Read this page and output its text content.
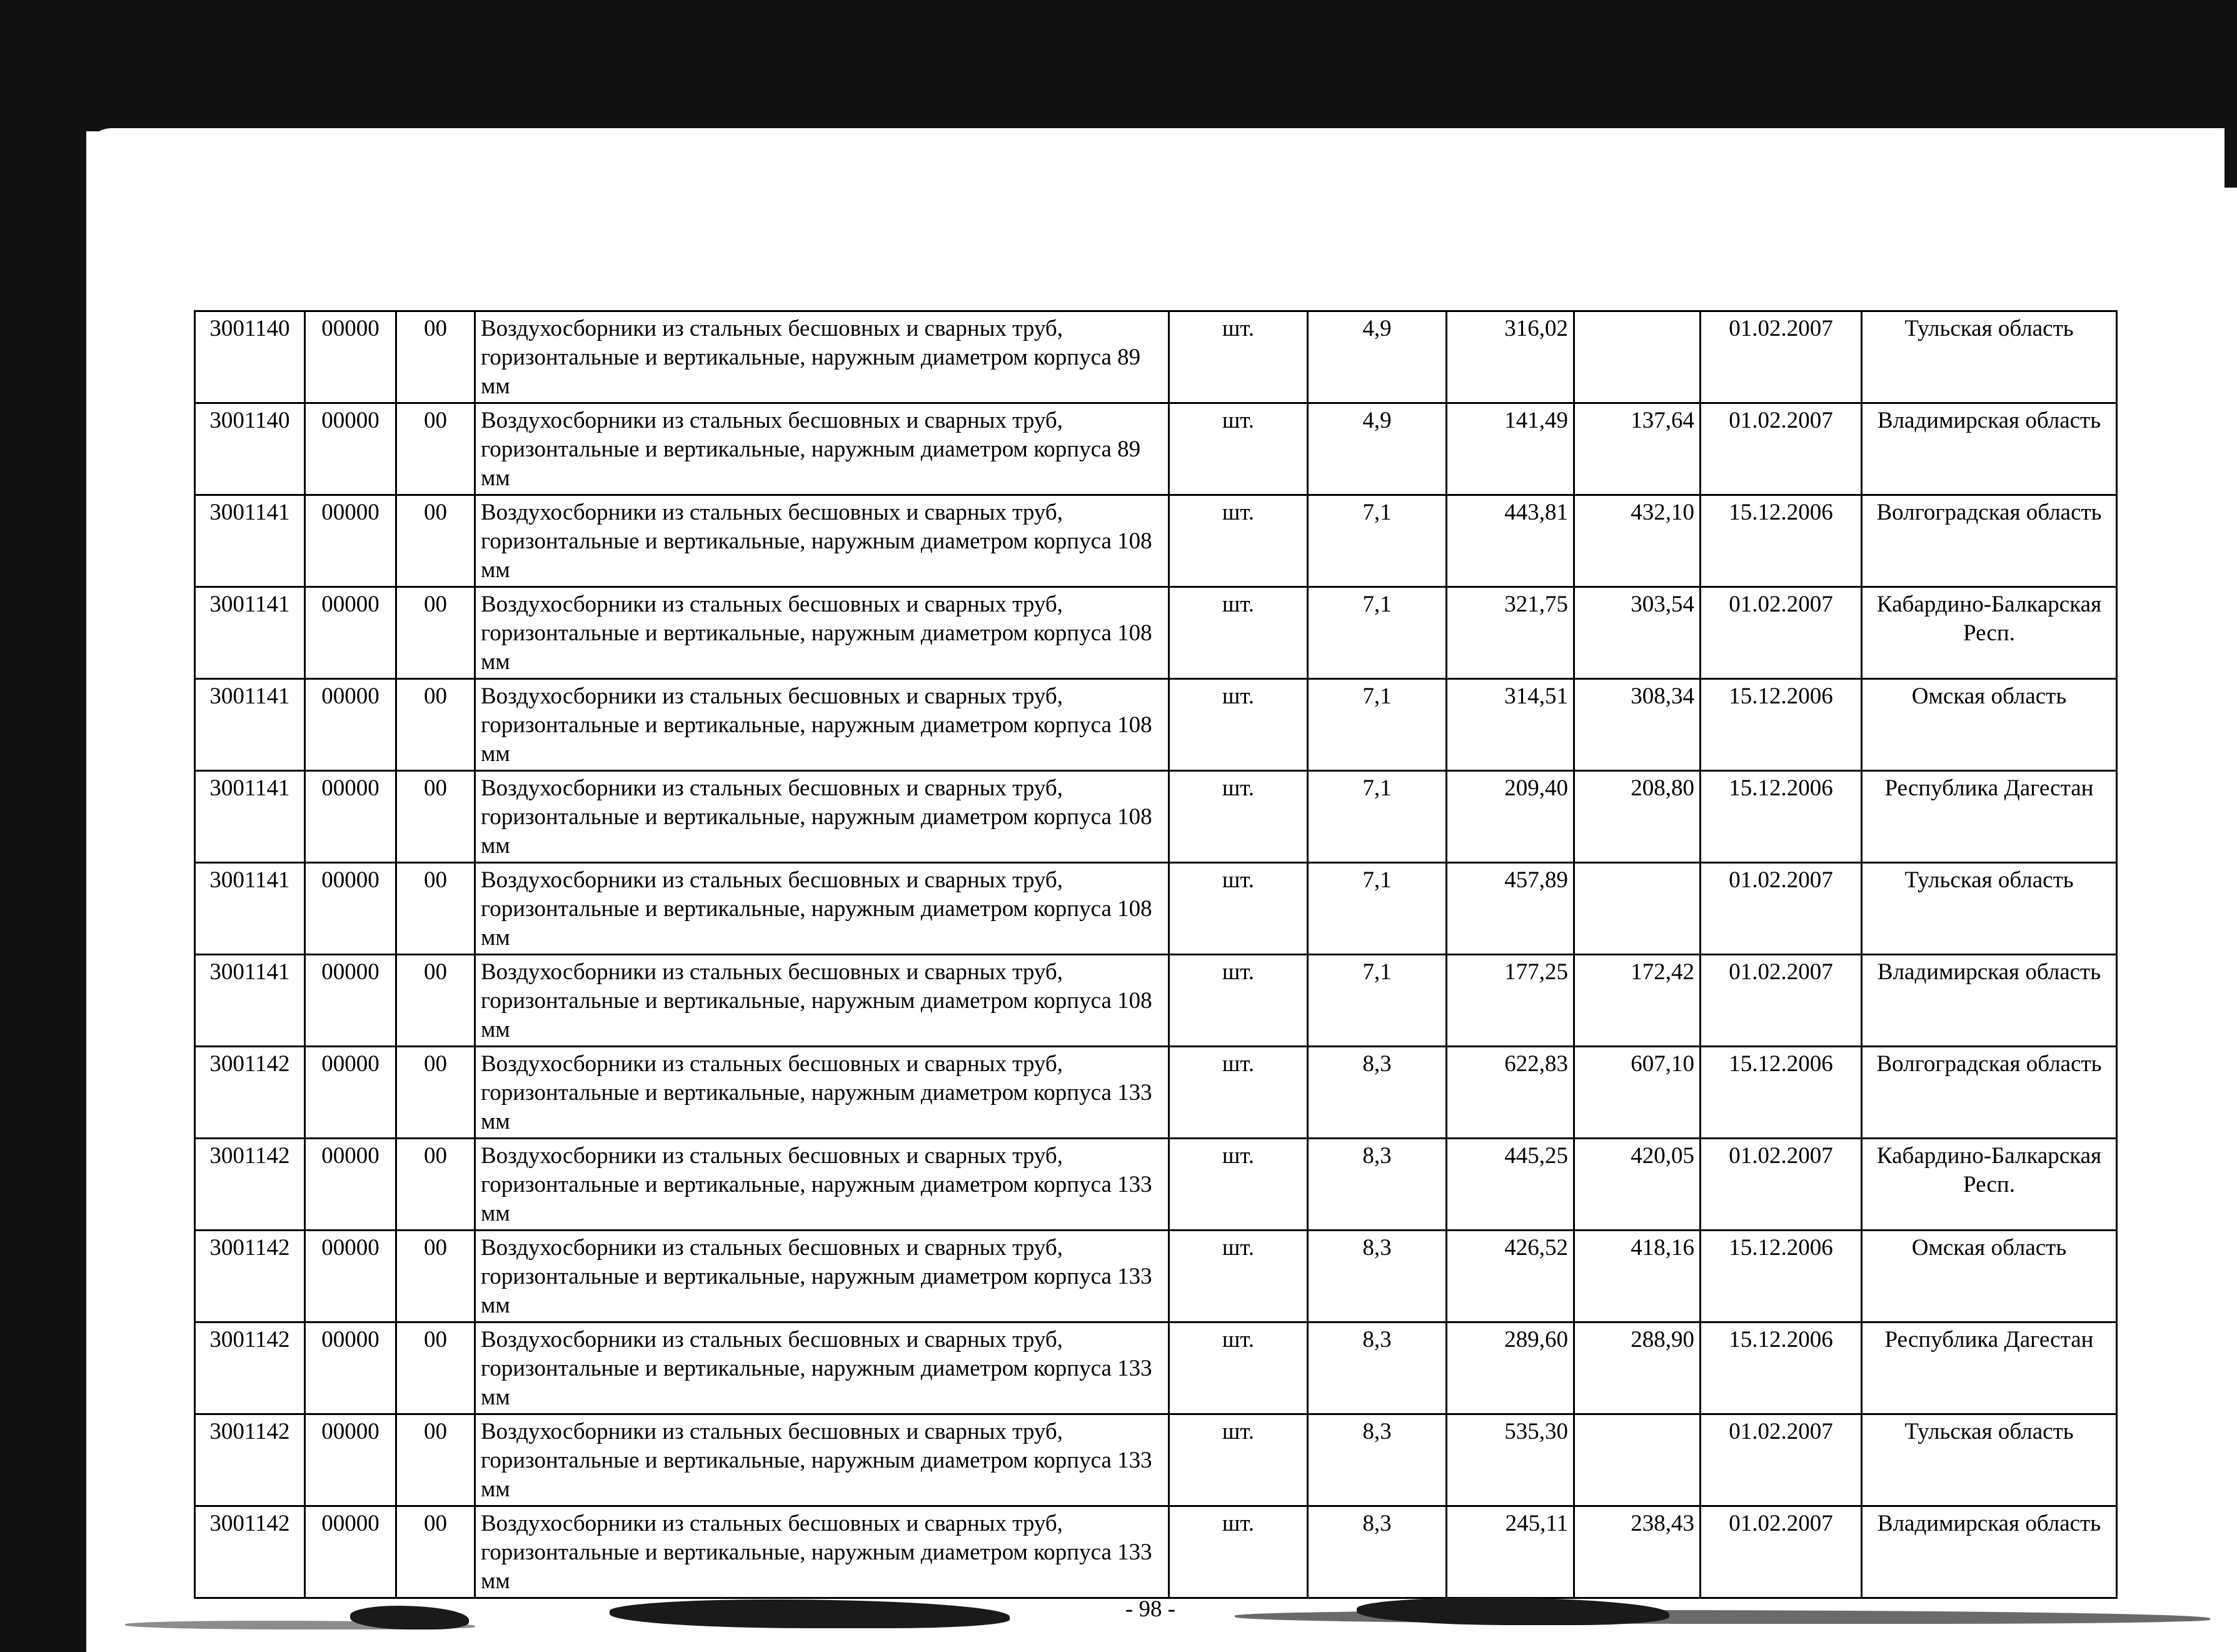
3001140	00000	00	Воздухосборники из стальных бесшовных и сварных труб, горизонтальные и вертикальные, наружным диаметром корпуса 89 мм	шт.	4,9	316,02		01.02.2007	Тульская область
3001140	00000	00	Воздухосборники из стальных бесшовных и сварных труб, горизонтальные и вертикальные, наружным диаметром корпуса 89 мм	шт.	4,9	141,49	137,64	01.02.2007	Владимирская область
3001141	00000	00	Воздухосборники из стальных бесшовных и сварных труб, горизонтальные и вертикальные, наружным диаметром корпуса 108 мм	шт.	7,1	443,81	432,10	15.12.2006	Волгоградская область
3001141	00000	00	Воздухосборники из стальных бесшовных и сварных труб, горизонтальные и вертикальные, наружным диаметром корпуса 108 мм	шт.	7,1	321,75	303,54	01.02.2007	Кабардино-Балкарская Респ.
3001141	00000	00	Воздухосборники из стальных бесшовных и сварных труб, горизонтальные и вертикальные, наружным диаметром корпуса 108 мм	шт.	7,1	314,51	308,34	15.12.2006	Омская область
3001141	00000	00	Воздухосборники из стальных бесшовных и сварных труб, горизонтальные и вертикальные, наружным диаметром корпуса 108 мм	шт.	7,1	209,40	208,80	15.12.2006	Республика Дагестан
3001141	00000	00	Воздухосборники из стальных бесшовных и сварных труб, горизонтальные и вертикальные, наружным диаметром корпуса 108 мм	шт.	7,1	457,89		01.02.2007	Тульская область
3001141	00000	00	Воздухосборники из стальных бесшовных и сварных труб, горизонтальные и вертикальные, наружным диаметром корпуса 108 мм	шт.	7,1	177,25	172,42	01.02.2007	Владимирская область
3001142	00000	00	Воздухосборники из стальных бесшовных и сварных труб, горизонтальные и вертикальные, наружным диаметром корпуса 133 мм	шт.	8,3	622,83	607,10	15.12.2006	Волгоградская область
3001142	00000	00	Воздухосборники из стальных бесшовных и сварных труб, горизонтальные и вертикальные, наружным диаметром корпуса 133 мм	шт.	8,3	445,25	420,05	01.02.2007	Кабардино-Балкарская Респ.
3001142	00000	00	Воздухосборники из стальных бесшовных и сварных труб, горизонтальные и вертикальные, наружным диаметром корпуса 133 мм	шт.	8,3	426,52	418,16	15.12.2006	Омская область
3001142	00000	00	Воздухосборники из стальных бесшовных и сварных труб, горизонтальные и вертикальные, наружным диаметром корпуса 133 мм	шт.	8,3	289,60	288,90	15.12.2006	Республика Дагестан
3001142	00000	00	Воздухосборники из стальных бесшовных и сварных труб, горизонтальные и вертикальные, наружным диаметром корпуса 133 мм	шт.	8,3	535,30		01.02.2007	Тульская область
3001142	00000	00	Воздухосборники из стальных бесшовных и сварных труб, горизонтальные и вертикальные, наружным диаметром корпуса 133 мм	шт.	8,3	245,11	238,43	01.02.2007	Владимирская область
- 98 -
